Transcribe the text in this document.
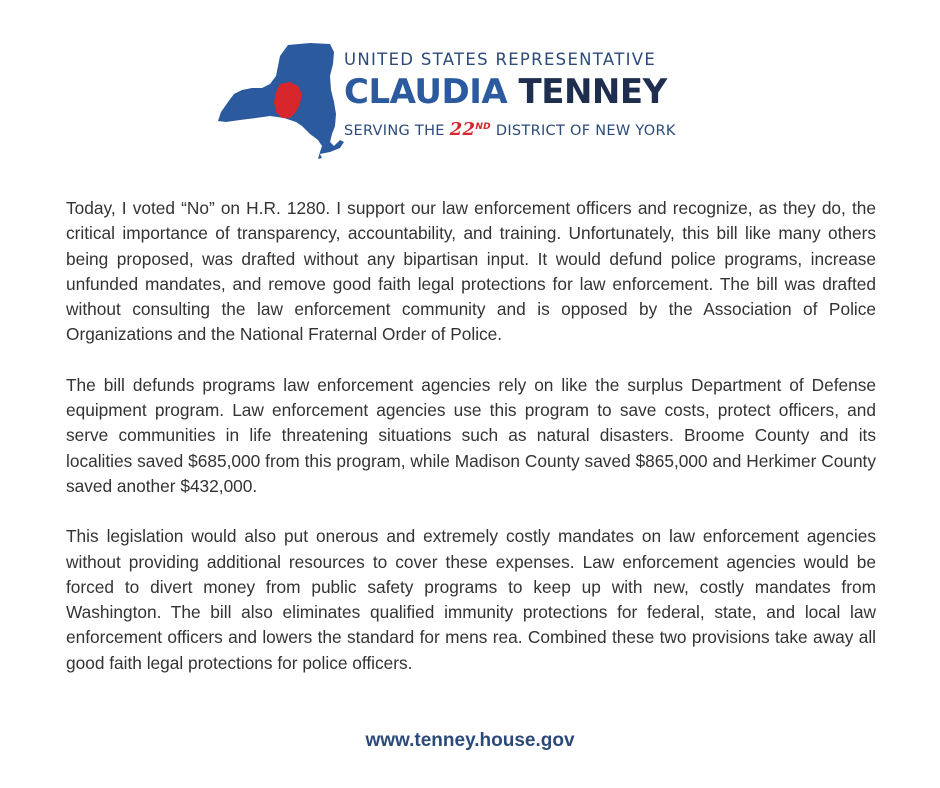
UNITED STATES REPRESENTATIVE
CLAUDIA TENNEY
SERVING THE 22ND DISTRICT OF NEW YORK

Today, I voted “No” on H.R. 1280. I support our law enforcement officers and recognize, as they do, the critical importance of transparency, accountability, and training. Unfortunately, this bill like many others being proposed, was drafted without any bipartisan input. It would defund police programs, increase unfunded mandates, and remove good faith legal protections for law enforcement. The bill was drafted without consulting the law enforcement community and is opposed by the Association of Police Organizations and the National Fraternal Order of Police.

The bill defunds programs law enforcement agencies rely on like the surplus Department of Defense equipment program. Law enforcement agencies use this program to save costs, protect officers, and serve communities in life threatening situations such as natural disasters. Broome County and its localities saved $685,000 from this program, while Madison County saved $865,000 and Herkimer County saved another $432,000.

This legislation would also put onerous and extremely costly mandates on law enforcement agencies without providing additional resources to cover these expenses. Law enforcement agencies would be forced to divert money from public safety programs to keep up with new, costly mandates from Washington. The bill also eliminates qualified immunity protections for federal, state, and local law enforcement officers and lowers the standard for mens rea. Combined these two provisions take away all good faith legal protections for police officers.

www.tenney.house.gov
